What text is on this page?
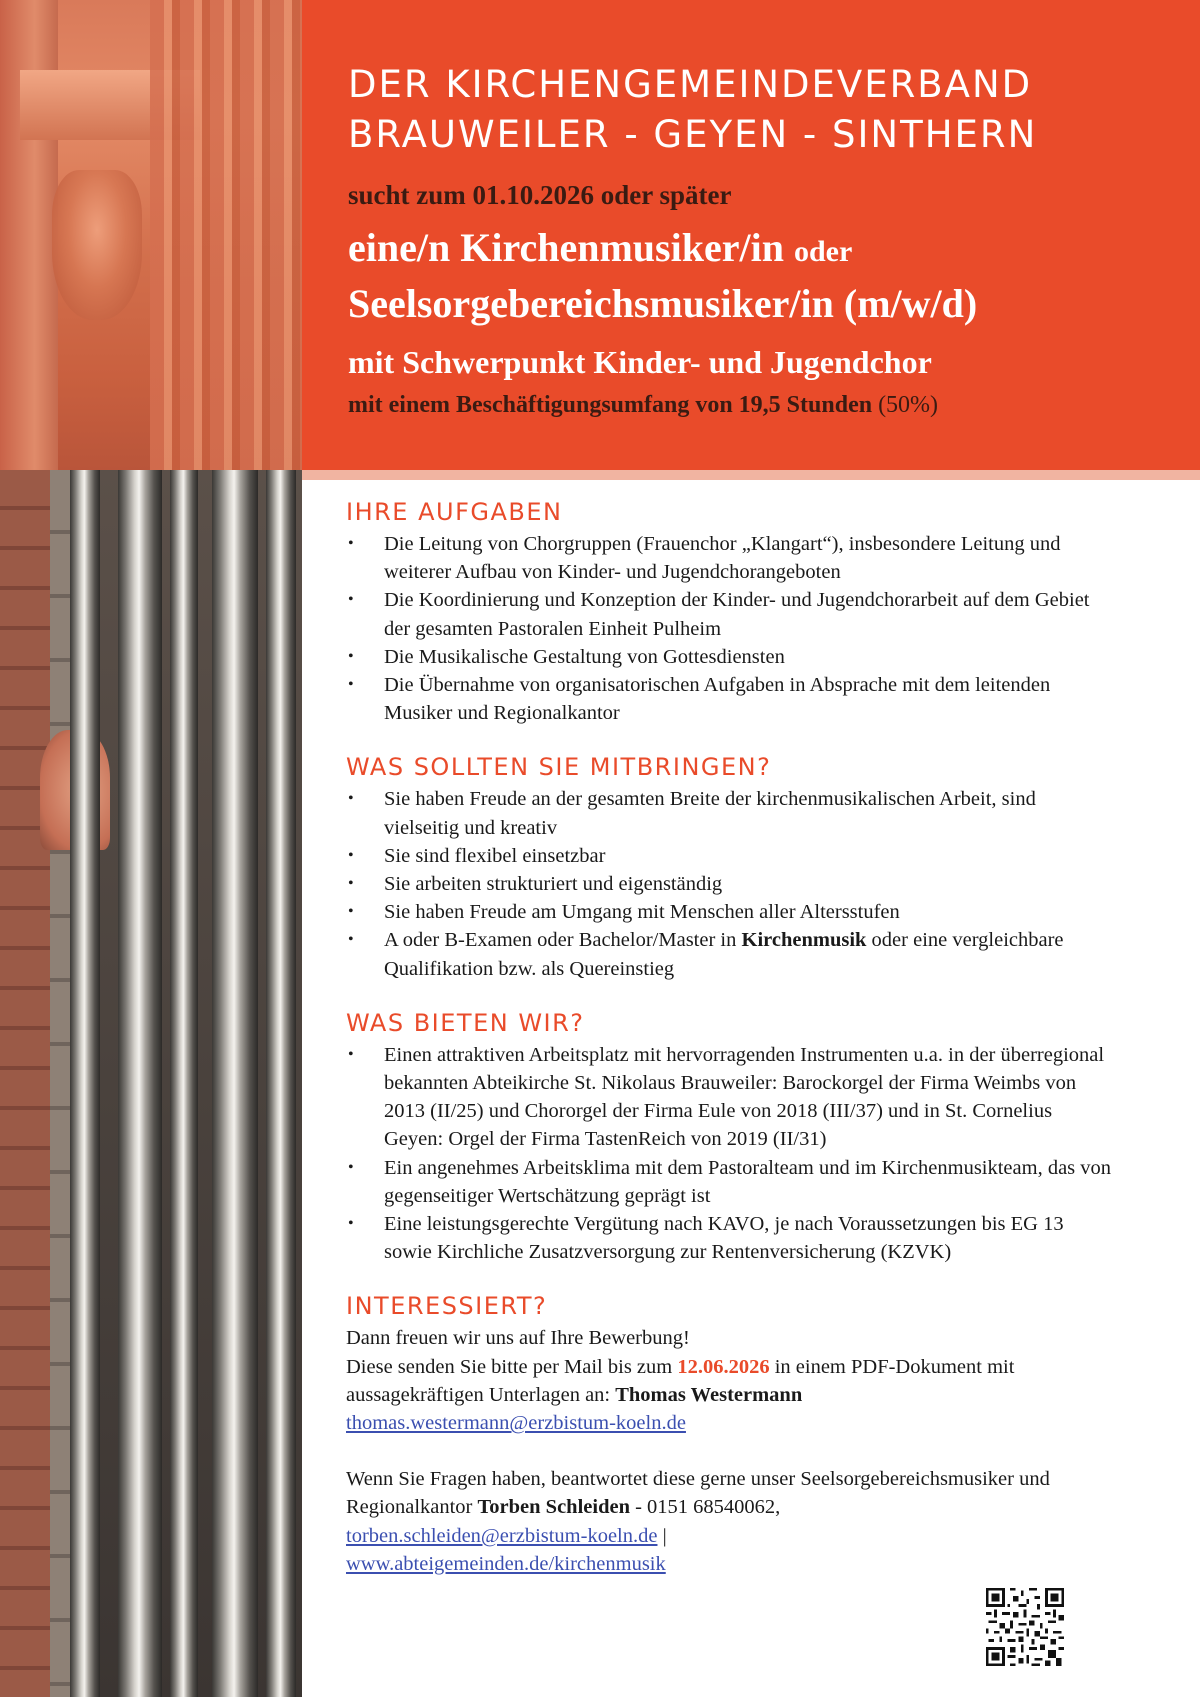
DER KIRCHENGEMEINDEVERBAND
BRAUWEILER - GEYEN - SINTHERN
sucht zum 01.10.2026 oder später
eine/n Kirchenmusiker/in oder
Seelsorgebereichsmusiker/in (m/w/d)
mit Schwerpunkt Kinder- und Jugendchor
mit einem Beschäftigungsumfang von 19,5 Stunden (50%)
IHRE AUFGABEN
• Die Leitung von Chorgruppen (Frauenchor „Klangart“), insbesondere Leitung und weiterer Aufbau von Kinder- und Jugendchorangeboten
• Die Koordinierung und Konzeption der Kinder- und Jugendchorarbeit auf dem Gebiet der gesamten Pastoralen Einheit Pulheim
• Die Musikalische Gestaltung von Gottesdiensten
• Die Übernahme von organisatorischen Aufgaben in Absprache mit dem leitenden Musiker und Regionalkantor
WAS SOLLTEN SIE MITBRINGEN?
• Sie haben Freude an der gesamten Breite der kirchenmusikalischen Arbeit, sind vielseitig und kreativ
• Sie sind flexibel einsetzbar
• Sie arbeiten strukturiert und eigenständig
• Sie haben Freude am Umgang mit Menschen aller Altersstufen
• A oder B-Examen oder Bachelor/Master in Kirchenmusik oder eine vergleichbare Qualifikation bzw. als Quereinstieg
WAS BIETEN WIR?
• Einen attraktiven Arbeitsplatz mit hervorragenden Instrumenten u.a. in der überregional bekannten Abteikirche St. Nikolaus Brauweiler: Barockorgel der Firma Weimbs von 2013 (II/25) und Chororgel der Firma Eule von 2018 (III/37) und in St. Cornelius Geyen: Orgel der Firma TastenReich von 2019 (II/31)
• Ein angenehmes Arbeitsklima mit dem Pastoralteam und im Kirchenmusikteam, das von gegenseitiger Wertschätzung geprägt ist
• Eine leistungsgerechte Vergütung nach KAVO, je nach Voraussetzungen bis EG 13 sowie Kirchliche Zusatzversorgung zur Rentenversicherung (KZVK)
INTERESSIERT?

Dann freuen wir uns auf Ihre Bewerbung!

Diese senden Sie bitte per Mail bis zum 12.06.2026 in einem PDF-Dokument mit aussagekräftigen Unterlagen an: Thomas Westermann
thomas.westermann@erzbistum-koeln.de

Wenn Sie Fragen haben, beantwortet diese gerne unser Seelsorgebereichsmusiker und Regionalkantor Torben Schleiden - 0151 68540062,
torben.schleiden@erzbistum-koeln.de |
www.abteigemeinden.de/kirchenmusik
